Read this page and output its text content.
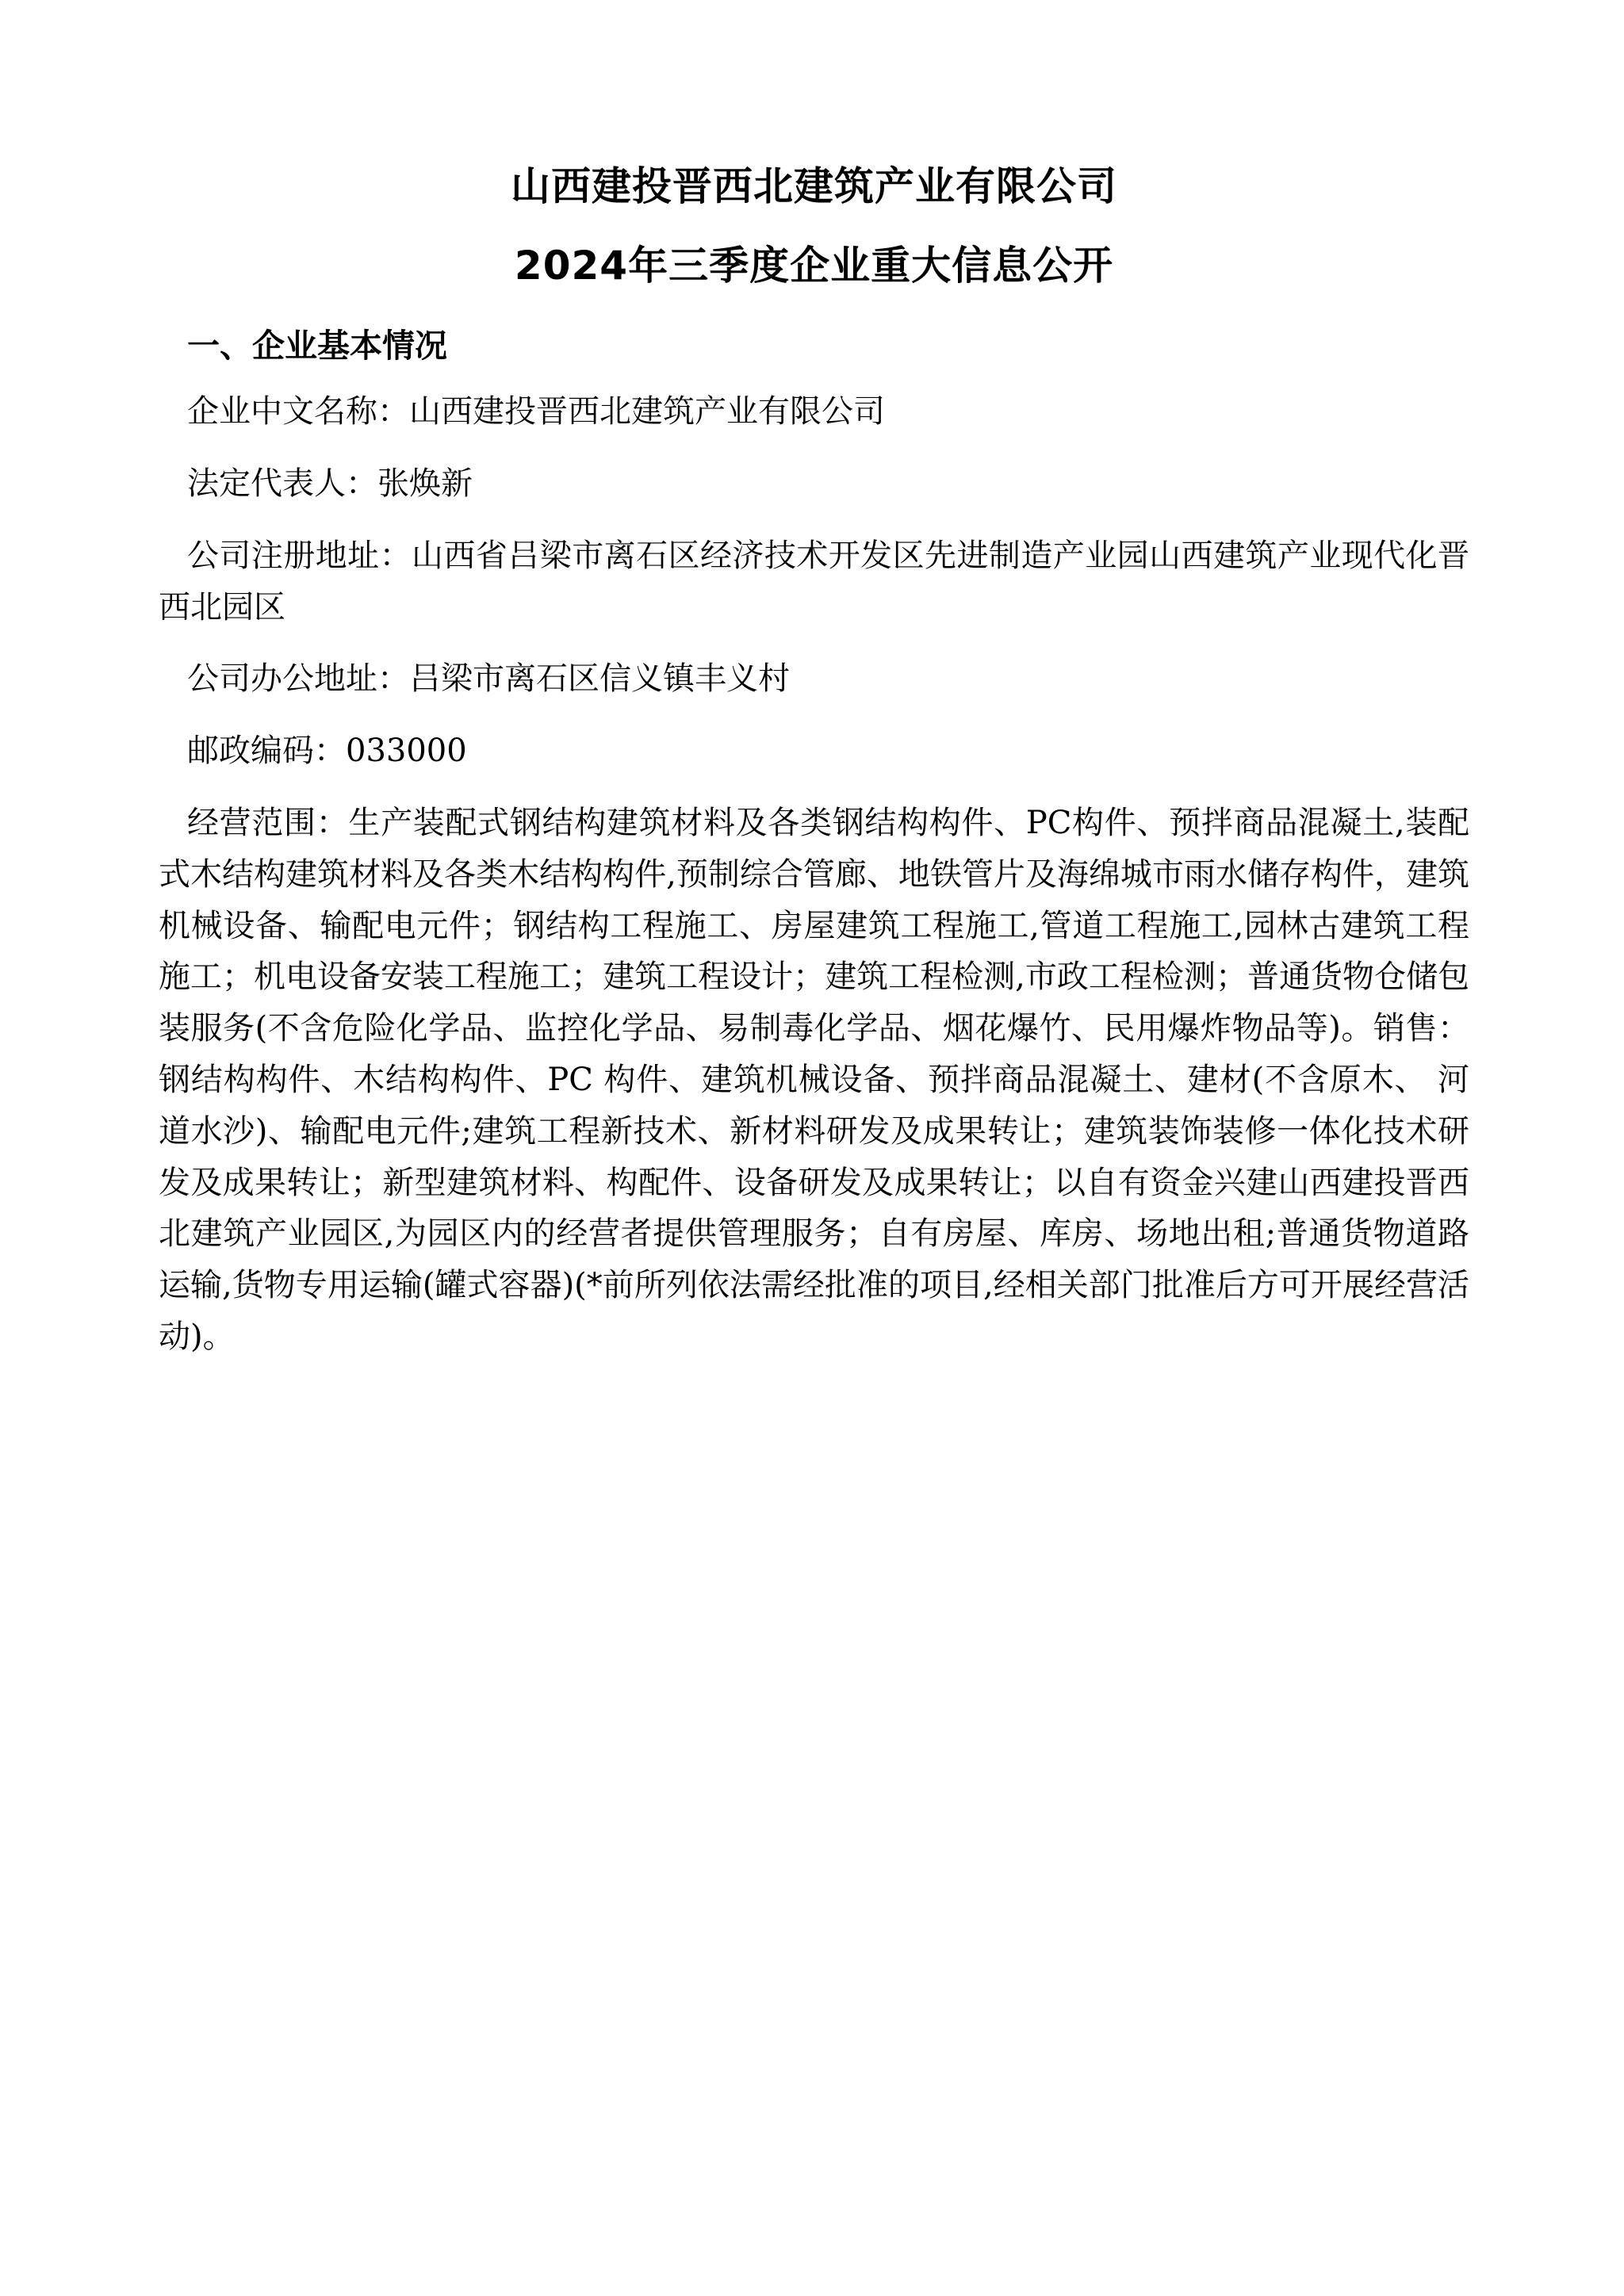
山西建投晋西北建筑产业有限公司
2024年三季度企业重大信息公开
一、企业基本情况

企业中文名称：山西建投晋西北建筑产业有限公司

法定代表人：张焕新

公司注册地址：山西省吕梁市离石区经济技术开发区先进制造产业园山西建筑产业现代化晋西北园区

公司办公地址：吕梁市离石区信义镇丰义村

邮政编码：033000

经营范围：生产装配式钢结构建筑材料及各类钢结构构件、PC构件、预拌商品混凝土,装配式木结构建筑材料及各类木结构构件,预制综合管廊、地铁管片及海绵城市雨水储存构件，建筑机械设备、输配电元件；钢结构工程施工、房屋建筑工程施工,管道工程施工,园林古建筑工程施工；机电设备安装工程施工；建筑工程设计；建筑工程检测,市政工程检测；普通货物仓储包装服务(不含危险化学品、监控化学品、易制毒化学品、烟花爆竹、民用爆炸物品等)。销售：钢结构构件、木结构构件、PC 构件、建筑机械设备、预拌商品混凝土、建材(不含原木、 河道水沙)、输配电元件;建筑工程新技术、新材料研发及成果转让；建筑装饰装修一体化技术研发及成果转让；新型建筑材料、构配件、设备研发及成果转让；以自有资金兴建山西建投晋西北建筑产业园区,为园区内的经营者提供管理服务；自有房屋、库房、场地出租;普通货物道路运输,货物专用运输(罐式容器)(*前所列依法需经批准的项目,经相关部门批准后方可开展经营活动)。
